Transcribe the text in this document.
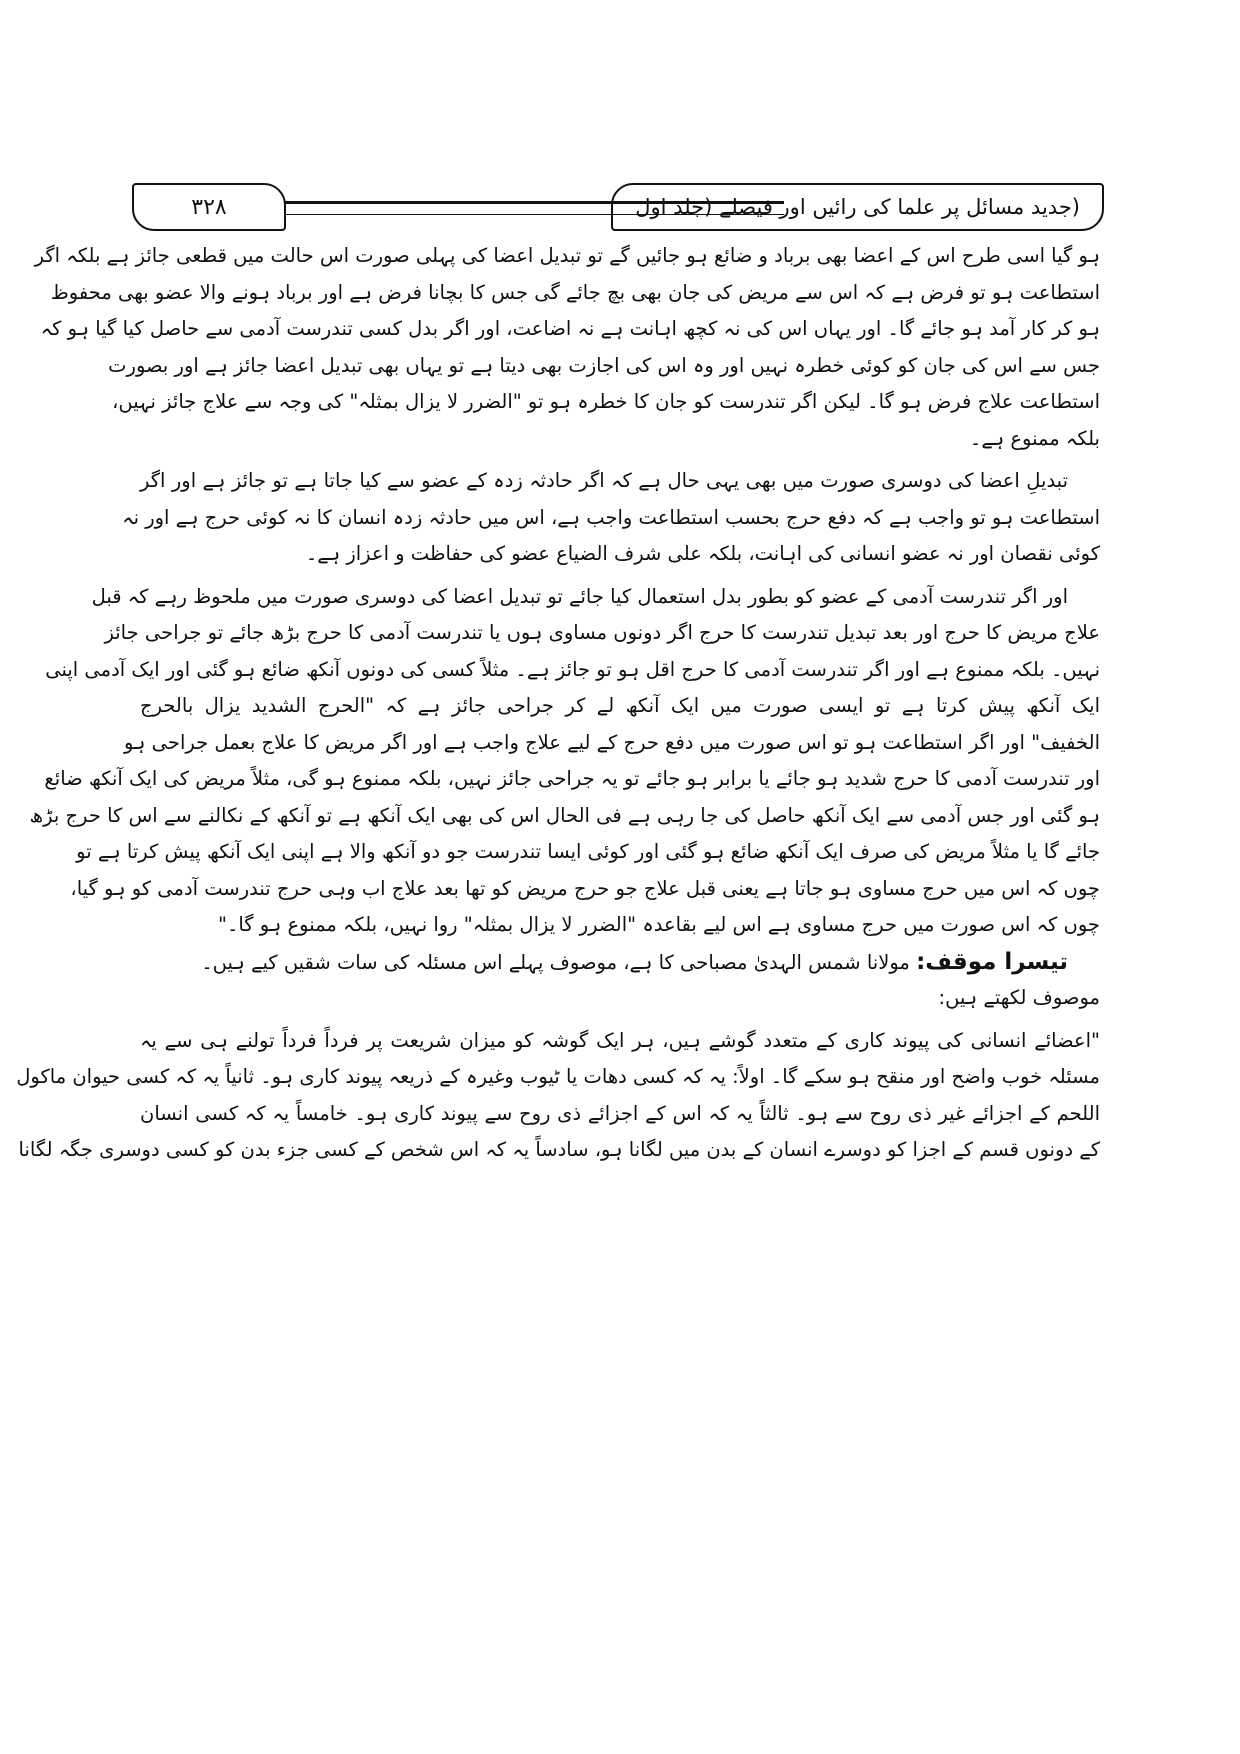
(جدید مسائل پر علما کی رائیں اور فیصلے (جلد اول
۳۲۸
ہو گیا اسی طرح اس کے اعضا بھی برباد و ضائع ہو جائیں گے تو تبدیل اعضا کی پہلی صورت اس حالت میں قطعی جائز ہے بلکہ اگر
استطاعت ہو تو فرض ہے کہ اس سے مریض کی جان بھی بچ جائے گی جس کا بچانا فرض ہے اور برباد ہونے والا عضو بھی محفوظ
ہو کر کار آمد ہو جائے گا۔ اور یہاں اس کی نہ کچھ اہانت ہے نہ اضاعت، اور اگر بدل کسی تندرست آدمی سے حاصل کیا گیا ہو کہ
جس سے اس کی جان کو کوئی خطرہ نہیں اور وہ اس کی اجازت بھی دیتا ہے تو یہاں بھی تبدیل اعضا جائز ہے اور بصورت
استطاعت علاج فرض ہو گا۔ لیکن اگر تندرست کو جان کا خطرہ ہو تو "الضرر لا یزال بمثلہ" کی وجہ سے علاج جائز نہیں،
بلکہ ممنوع ہے۔
تبدیلِ اعضا کی دوسری صورت میں بھی یہی حال ہے کہ اگر حادثہ زدہ کے عضو سے کیا جاتا ہے تو جائز ہے اور اگر
استطاعت ہو تو واجب ہے کہ دفع حرج بحسب استطاعت واجب ہے، اس میں حادثہ زدہ انسان کا نہ کوئی حرج ہے اور نہ
کوئی نقصان اور نہ عضو انسانی کی اہانت، بلکہ علی شرف الضیاع عضو کی حفاظت و اعزاز ہے۔
اور اگر تندرست آدمی کے عضو کو بطور بدل استعمال کیا جائے تو تبدیل اعضا کی دوسری صورت میں ملحوظ رہے کہ قبل
علاج مریض کا حرج اور بعد تبدیل تندرست کا حرج اگر دونوں مساوی ہوں یا تندرست آدمی کا حرج بڑھ جائے تو جراحی جائز
نہیں۔ بلکہ ممنوع ہے اور اگر تندرست آدمی کا حرج اقل ہو تو جائز ہے۔ مثلاً کسی کی دونوں آنکھ ضائع ہو گئی اور ایک آدمی اپنی
ایک آنکھ پیش کرتا ہے تو ایسی صورت میں ایک آنکھ لے کر جراحی جائز ہے کہ "الحرج الشدید یزال بالحرج
الخفیف" اور اگر استطاعت ہو تو اس صورت میں دفع حرج کے لیے علاج واجب ہے اور اگر مریض کا علاج بعمل جراحی ہو
اور تندرست آدمی کا حرج شدید ہو جائے یا برابر ہو جائے تو یہ جراحی جائز نہیں، بلکہ ممنوع ہو گی، مثلاً مریض کی ایک آنکھ ضائع
ہو گئی اور جس آدمی سے ایک آنکھ حاصل کی جا رہی ہے فی الحال اس کی بھی ایک آنکھ ہے تو آنکھ کے نکالنے سے اس کا حرج بڑھ
جائے گا یا مثلاً مریض کی صرف ایک آنکھ ضائع ہو گئی اور کوئی ایسا تندرست جو دو آنکھ والا ہے اپنی ایک آنکھ پیش کرتا ہے تو
چوں کہ اس میں حرج مساوی ہو جاتا ہے یعنی قبل علاج جو حرج مریض کو تھا بعد علاج اب وہی حرج تندرست آدمی کو ہو گیا،
چوں کہ اس صورت میں حرج مساوی ہے اس لیے بقاعدہ "الضرر لا یزال بمثلہ" روا نہیں، بلکہ ممنوع ہو گا۔"
تیسرا موقف: مولانا شمس الہدیٰ مصباحی کا ہے، موصوف پہلے اس مسئلہ کی سات شقیں کیے ہیں۔
موصوف لکھتے ہیں:
"اعضائے انسانی کی پیوند کاری کے متعدد گوشے ہیں، ہر ایک گوشہ کو میزان شریعت پر فرداً فرداً تولنے ہی سے یہ
مسئلہ خوب واضح اور منقح ہو سکے گا۔ اولاً: یہ کہ کسی دھات یا ٹیوب وغیرہ کے ذریعہ پیوند کاری ہو۔ ثانیاً یہ کہ کسی حیوان ماکول
اللحم کے اجزائے غیر ذی روح سے ہو۔ ثالثاً یہ کہ اس کے اجزائے ذی روح سے پیوند کاری ہو۔ خامساً یہ کہ کسی انسان
کے دونوں قسم کے اجزا کو دوسرے انسان کے بدن میں لگانا ہو، سادساً یہ کہ اس شخص کے کسی جزء بدن کو کسی دوسری جگہ لگانا
